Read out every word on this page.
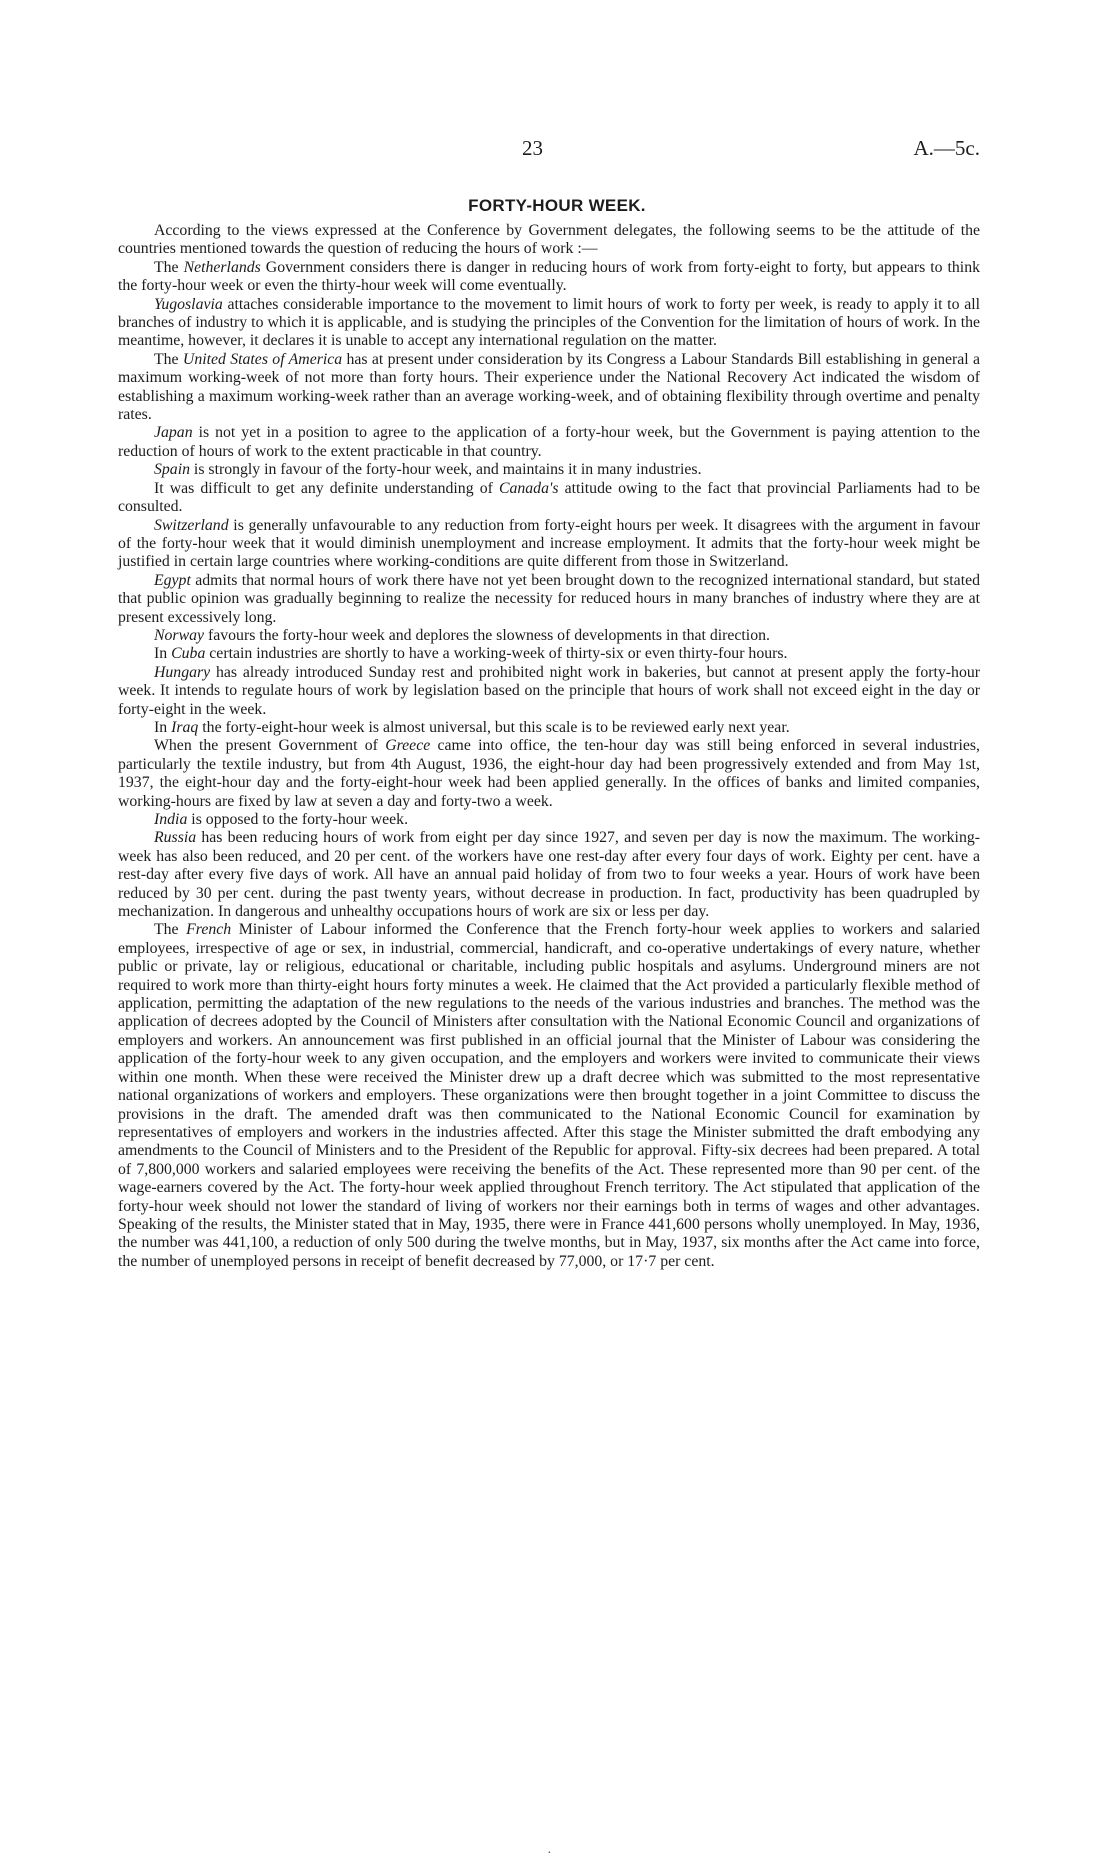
23	A.—5c.
FORTY-HOUR WEEK.

According to the views expressed at the Conference by Government delegates, the following seems to be the attitude of the countries mentioned towards the question of reducing the hours of work :—

The Netherlands Government considers there is danger in reducing hours of work from forty-eight to forty, but appears to think the forty-hour week or even the thirty-hour week will come eventually.

Yugoslavia attaches considerable importance to the movement to limit hours of work to forty per week, is ready to apply it to all branches of industry to which it is applicable, and is studying the principles of the Convention for the limitation of hours of work. In the meantime, however, it declares it is unable to accept any international regulation on the matter.

The United States of America has at present under consideration by its Congress a Labour Standards Bill establishing in general a maximum working-week of not more than forty hours. Their experience under the National Recovery Act indicated the wisdom of establishing a maximum working-week rather than an average working-week, and of obtaining flexibility through overtime and penalty rates.

Japan is not yet in a position to agree to the application of a forty-hour week, but the Government is paying attention to the reduction of hours of work to the extent practicable in that country.

Spain is strongly in favour of the forty-hour week, and maintains it in many industries.

It was difficult to get any definite understanding of Canada's attitude owing to the fact that provincial Parliaments had to be consulted.

Switzerland is generally unfavourable to any reduction from forty-eight hours per week. It disagrees with the argument in favour of the forty-hour week that it would diminish unemployment and increase employment. It admits that the forty-hour week might be justified in certain large countries where working-conditions are quite different from those in Switzerland.

Egypt admits that normal hours of work there have not yet been brought down to the recognized international standard, but stated that public opinion was gradually beginning to realize the necessity for reduced hours in many branches of industry where they are at present excessively long.

Norway favours the forty-hour week and deplores the slowness of developments in that direction.

In Cuba certain industries are shortly to have a working-week of thirty-six or even thirty-four hours.

Hungary has already introduced Sunday rest and prohibited night work in bakeries, but cannot at present apply the forty-hour week. It intends to regulate hours of work by legislation based on the principle that hours of work shall not exceed eight in the day or forty-eight in the week.

In Iraq the forty-eight-hour week is almost universal, but this scale is to be reviewed early next year.

When the present Government of Greece came into office, the ten-hour day was still being enforced in several industries, particularly the textile industry, but from 4th August, 1936, the eight-hour day had been progressively extended and from May 1st, 1937, the eight-hour day and the forty-eight-hour week had been applied generally. In the offices of banks and limited companies, working-hours are fixed by law at seven a day and forty-two a week.

India is opposed to the forty-hour week.

Russia has been reducing hours of work from eight per day since 1927, and seven per day is now the maximum. The working-week has also been reduced, and 20 per cent. of the workers have one rest-day after every four days of work. Eighty per cent. have a rest-day after every five days of work. All have an annual paid holiday of from two to four weeks a year. Hours of work have been reduced by 30 per cent. during the past twenty years, without decrease in production. In fact, productivity has been quadrupled by mechanization. In dangerous and unhealthy occupations hours of work are six or less per day.

The French Minister of Labour informed the Conference that the French forty-hour week applies to workers and salaried employees, irrespective of age or sex, in industrial, commercial, handicraft, and co-operative undertakings of every nature, whether public or private, lay or religious, educational or charitable, including public hospitals and asylums. Underground miners are not required to work more than thirty-eight hours forty minutes a week. He claimed that the Act provided a particularly flexible method of application, permitting the adaptation of the new regulations to the needs of the various industries and branches. The method was the application of decrees adopted by the Council of Ministers after consultation with the National Economic Council and organizations of employers and workers. An announcement was first published in an official journal that the Minister of Labour was considering the application of the forty-hour week to any given occupation, and the employers and workers were invited to communicate their views within one month. When these were received the Minister drew up a draft decree which was submitted to the most representative national organizations of workers and employers. These organizations were then brought together in a joint Committee to discuss the provisions in the draft. The amended draft was then communicated to the National Economic Council for examination by representatives of employers and workers in the industries affected. After this stage the Minister submitted the draft embodying any amendments to the Council of Ministers and to the President of the Republic for approval. Fifty-six decrees had been prepared. A total of 7,800,000 workers and salaried employees were receiving the benefits of the Act. These represented more than 90 per cent. of the wage-earners covered by the Act. The forty-hour week applied throughout French territory. The Act stipulated that application of the forty-hour week should not lower the standard of living of workers nor their earnings both in terms of wages and other advantages. Speaking of the results, the Minister stated that in May, 1935, there were in France 441,600 persons wholly unemployed. In May, 1936, the number was 441,100, a reduction of only 500 during the twelve months, but in May, 1937, six months after the Act came into force, the number of unemployed persons in receipt of benefit decreased by 77,000, or 17·7 per cent.

·
